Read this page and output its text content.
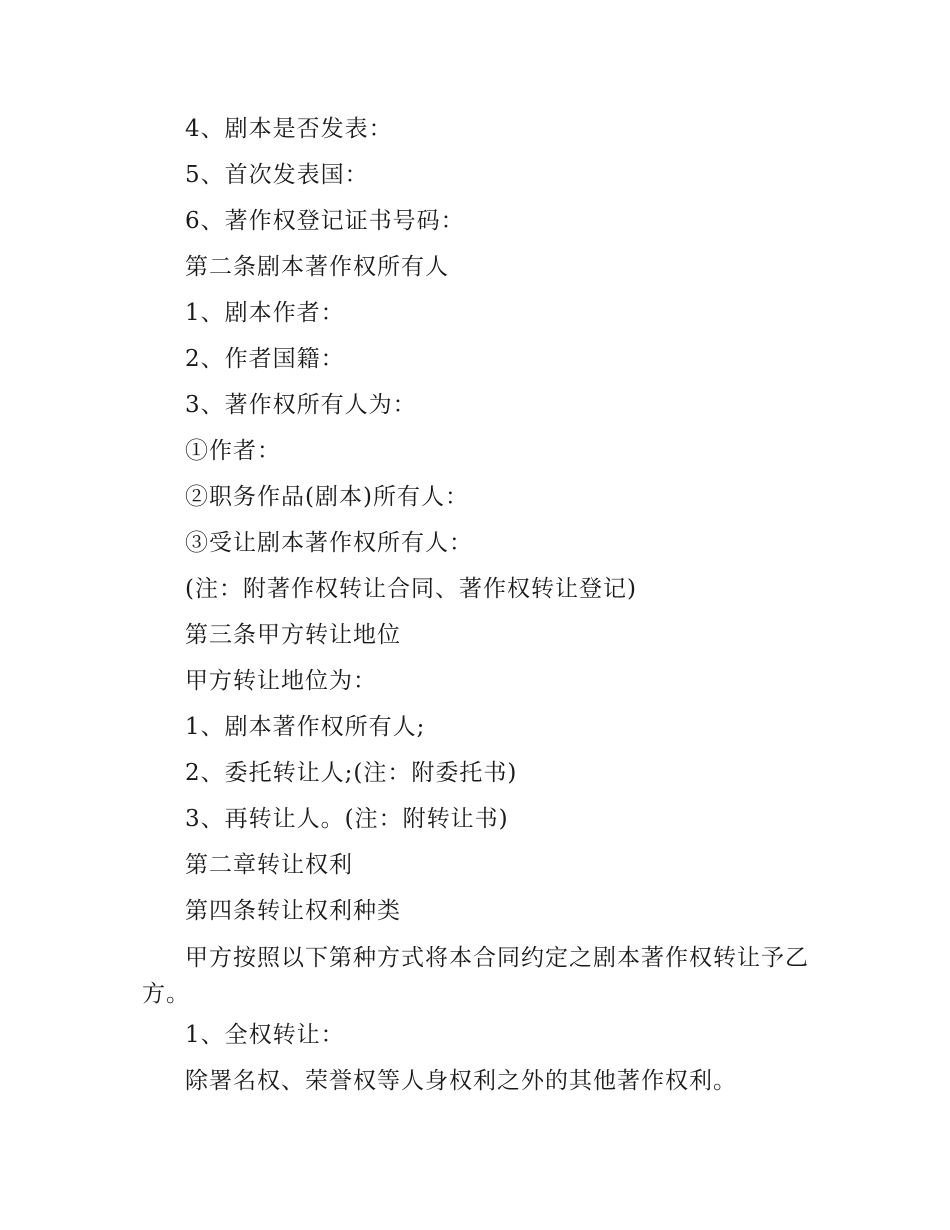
4、剧本是否发表：
5、首次发表国：
6、著作权登记证书号码：
第二条剧本著作权所有人
1、剧本作者：
2、作者国籍：
3、著作权所有人为：
①作者：
②职务作品(剧本)所有人：
③受让剧本著作权所有人：
(注：附著作权转让合同、著作权转让登记)
第三条甲方转让地位
甲方转让地位为：
1、剧本著作权所有人;
2、委托转让人;(注：附委托书)
3、再转让人。(注：附转让书)
第二章转让权利
第四条转让权利种类
甲方按照以下第种方式将本合同约定之剧本著作权转让予乙方。
1、全权转让：
除署名权、荣誉权等人身权利之外的其他著作权利。
